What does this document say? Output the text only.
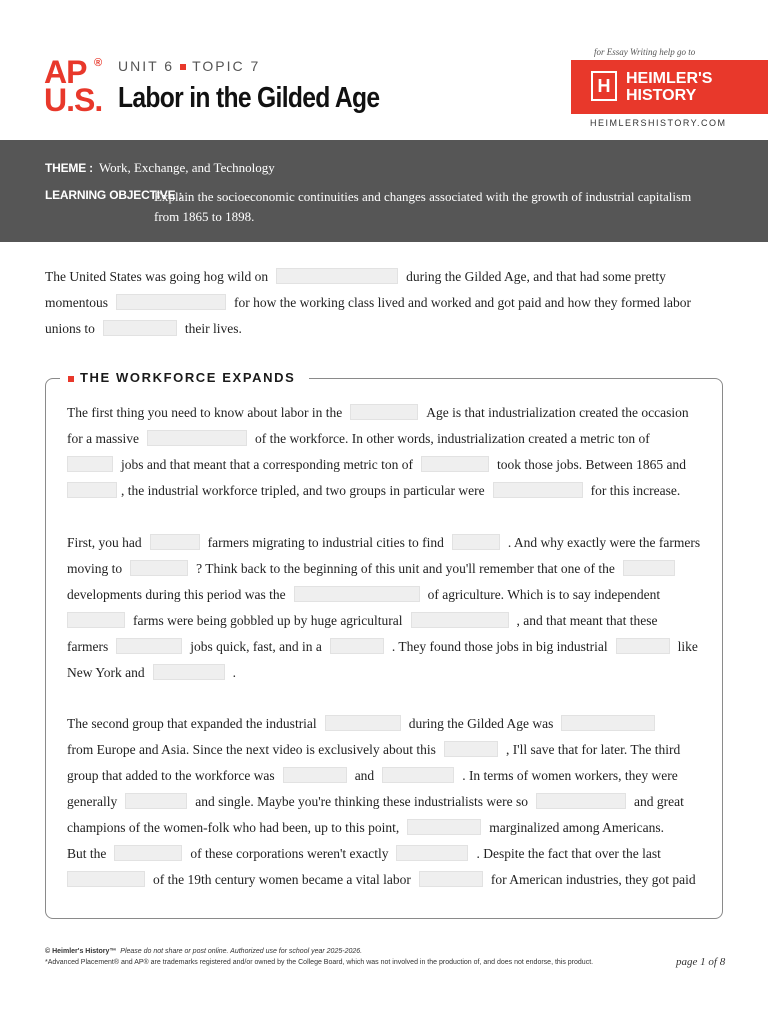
AP ®
U.S.
UNIT 6 TOPIC 7
Labor in the Gilded Age
for Essay Writing help go to
H HEIMLER'S HISTORY
HEIMLERSHISTORY.COM
THEME : Work, Exchange, and Technology
LEARNING OBJECTIVE :
Explain the socioeconomic continuities and changes associated with the growth of industrial capitalism from 1865 to 1898.
The United States was going hog wild on	during the Gilded Age, and that had some pretty
momentous	for how the working class lived and worked and got paid and how they formed labor
unions to	their lives.
THE WORKFORCE EXPANDS
The first thing you need to know about labor in the	Age is that industrialization created the occasion
for a massive	of the workforce. In other words, industrialization created a metric ton of
jobs and that meant that a corresponding metric ton of	took those jobs. Between 1865 and
, the industrial workforce tripled, and two groups in particular were	for this increase.
First, you had	farmers migrating to industrial cities to find	. And why exactly were the farmers
moving to	? Think back to the beginning of this unit and you'll remember that one of the
developments during this period was the	of agriculture. Which is to say independent
farms were being gobbled up by huge agricultural	, and that meant that these
farmers	jobs quick, fast, and in a	. They found those jobs in big industrial	like
New York and	.
The second group that expanded the industrial	during the Gilded Age was
from Europe and Asia. Since the next video is exclusively about this	, I'll save that for later. The third
group that added to the workforce was	and	. In terms of women workers, they were
generally	and single. Maybe you're thinking these industrialists were so	and great
champions of the women-folk who had been, up to this point,	marginalized among Americans.
But the	of these corporations weren't exactly	. Despite the fact that over the last
of the 19th century women became a vital labor	for American industries, they got paid
© Heimler's History™ Please do not share or post online. Authorized use for school year 2025-2026.
*Advanced Placement® and AP® are trademarks registered and/or owned by the College Board, which was not involved in the production of, and does not endorse, this product.	page 1 of 8
